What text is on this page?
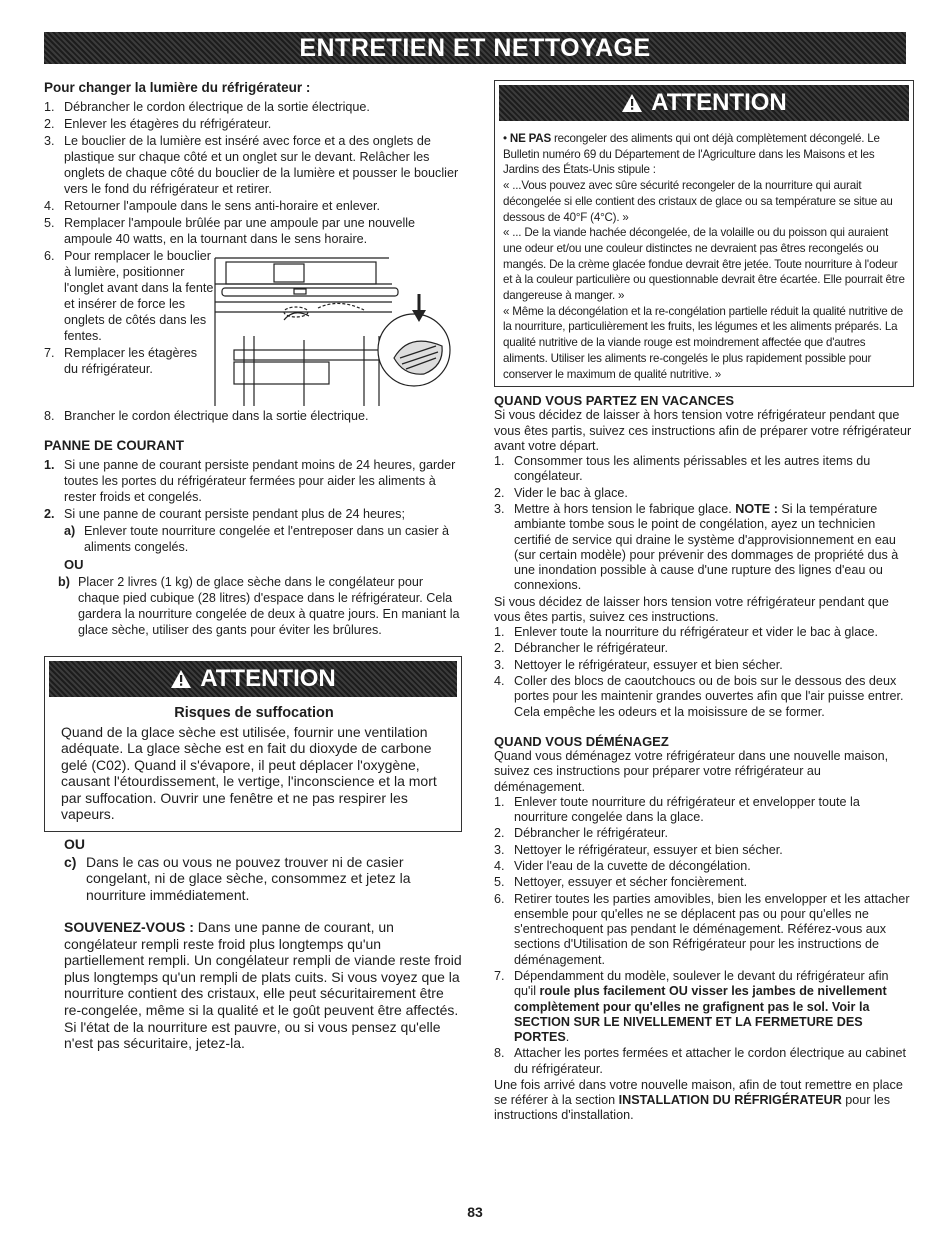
ENTRETIEN ET NETTOYAGE
Pour changer la lumière du réfrigérateur :
1. Débrancher le cordon électrique de la sortie électrique.
2. Enlever les étagères du réfrigérateur.
3. Le bouclier de la lumière est inséré avec force et a des onglets de plastique sur chaque côté et un onglet sur le devant. Relâcher les onglets de chaque côté du bouclier de la lumière et pousser le bouclier vers le fond du réfrigérateur et retirer.
4. Retourner l'ampoule dans le sens anti-horaire et enlever.
5. Remplacer l'ampoule brûlée par une ampoule par une nouvelle ampoule 40 watts, en la tournant dans le sens horaire.
6. Pour remplacer le bouclier à lumière, positionner l'onglet avant dans la fente et insérer de force les onglets de côtés dans les fentes.
7. Remplacer les étagères du réfrigérateur.
8. Brancher le cordon électrique dans la sortie électrique.
PANNE DE COURANT
1. Si une panne de courant persiste pendant moins de 24 heures, garder toutes les portes du réfrigérateur fermées pour aider les aliments à rester froids et congelés.
2. Si une panne de courant persiste pendant plus de 24 heures;
a) Enlever toute nourriture congelée et l'entreposer dans un casier à aliments congelés.
OU
b) Placer 2 livres (1 kg) de glace sèche dans le congélateur pour chaque pied cubique (28 litres) d'espace dans le réfrigérateur. Cela gardera la nourriture congelée de deux à quatre jours. En maniant la glace sèche, utiliser des gants pour éviter les brûlures.
ATTENTION
Risques de suffocation
Quand de la glace sèche est utilisée, fournir une ventilation adéquate. La glace sèche est en fait du dioxyde de carbone gelé (C02). Quand il s'évapore, il peut déplacer l'oxygène, causant l'étourdissement, le vertige, l'inconscience et la mort par suffocation. Ouvrir une fenêtre et ne pas respirer les vapeurs.
OU
c) Dans le cas ou vous ne pouvez trouver ni de casier congelant, ni de glace sèche, consommez et jetez la nourriture immédiatement.

SOUVENEZ-VOUS : Dans une panne de courant, un congélateur rempli reste froid plus longtemps qu'un partiellement rempli. Un congélateur rempli de viande reste froid plus longtemps qu'un rempli de plats cuits. Si vous voyez que la nourriture contient des cristaux, elle peut sécuritairement être re-congelée, même si la qualité et le goût peuvent être affectés. Si l'état de la nourriture est pauvre, ou si vous pensez qu'elle n'est pas sécuritaire, jetez-la.

ATTENTION
• NE PAS recongeler des aliments qui ont déjà complètement décongelé. Le Bulletin numéro 69 du Département de l'Agriculture dans les Maisons et les Jardins des États-Unis stipule :
« ...Vous pouvez avec sûre sécurité recongeler de la nourriture qui aurait décongelée si elle contient des cristaux de glace ou sa température se situe au dessous de 40°F (4°C). »
« ... De la viande hachée décongelée, de la volaille ou du poisson qui auraient une odeur et/ou une couleur distinctes ne devraient pas êtres recongelés ou mangés. De la crème glacée fondue devrait être jetée. Toute nourriture à l'odeur et à la couleur particulière ou questionnable devrait être écartée. Elle pourrait être dangereuse à manger. »
« Même la décongélation et la re-congélation partielle réduit la qualité nutritive de la nourriture, particulièrement les fruits, les légumes et les aliments préparés. La qualité nutritive de la viande rouge est moindrement affectée que d'autres aliments. Utiliser les aliments re-congelés le plus rapidement possible pour conserver le maximum de qualité nutritive. »
QUAND VOUS PARTEZ EN VACANCES

Si vous décidez de laisser à hors tension votre réfrigérateur pendant que vous êtes partis, suivez ces instructions afin de préparer votre réfrigérateur avant votre départ.

1. Consommer tous les aliments périssables et les autres items du congélateur.
2. Vider le bac à glace.
3. Mettre à hors tension le fabrique glace. NOTE : Si la température ambiante tombe sous le point de congélation, ayez un technicien certifié de service qui draine le système d'approvisionnement en eau (sur certain modèle) pour prévenir des dommages de propriété dus à une inondation possible à cause d'une rupture des lignes d'eau ou connexions.

Si vous décidez de laisser hors tension votre réfrigérateur pendant que vous êtes partis, suivez ces instructions.

1. Enlever toute la nourriture du réfrigérateur et vider le bac à glace.
2. Débrancher le réfrigérateur.
3. Nettoyer le réfrigérateur, essuyer et bien sécher.
4. Coller des blocs de caoutchoucs ou de bois sur le dessous des deux portes pour les maintenir grandes ouvertes afin que l'air puisse entrer. Cela empêche les odeurs et la moisissure de se former.
QUAND VOUS DÉMÉNAGEZ

Quand vous déménagez votre réfrigérateur dans une nouvelle maison, suivez ces instructions pour préparer votre réfrigérateur au déménagement.

1. Enlever toute nourriture du réfrigérateur et envelopper toute la nourriture congelée dans la glace.
2. Débrancher le réfrigérateur.
3. Nettoyer le réfrigérateur, essuyer et bien sécher.
4. Vider l'eau de la cuvette de décongélation.
5. Nettoyer, essuyer et sécher foncièrement.
6. Retirer toutes les parties amovibles, bien les envelopper et les attacher ensemble pour qu'elles ne se déplacent pas ou pour qu'elles ne s'entrechoquent pas pendant le déménagement. Référez-vous aux sections d'Utilisation de son Réfrigérateur pour les instructions de déménagement.
7. Dépendamment du modèle, soulever le devant du réfrigérateur afin qu'il roule plus facilement OU visser les jambes de nivellement complètement pour qu'elles ne grafignent pas le sol. Voir la SECTION SUR LE NIVELLEMENT ET LA FERMETURE DES PORTES.
8. Attacher les portes fermées et attacher le cordon électrique au cabinet du réfrigérateur.

Une fois arrivé dans votre nouvelle maison, afin de tout remettre en place se référer à la section INSTALLATION DU RÉFRIGÉRATEUR pour les instructions d'installation.

83
